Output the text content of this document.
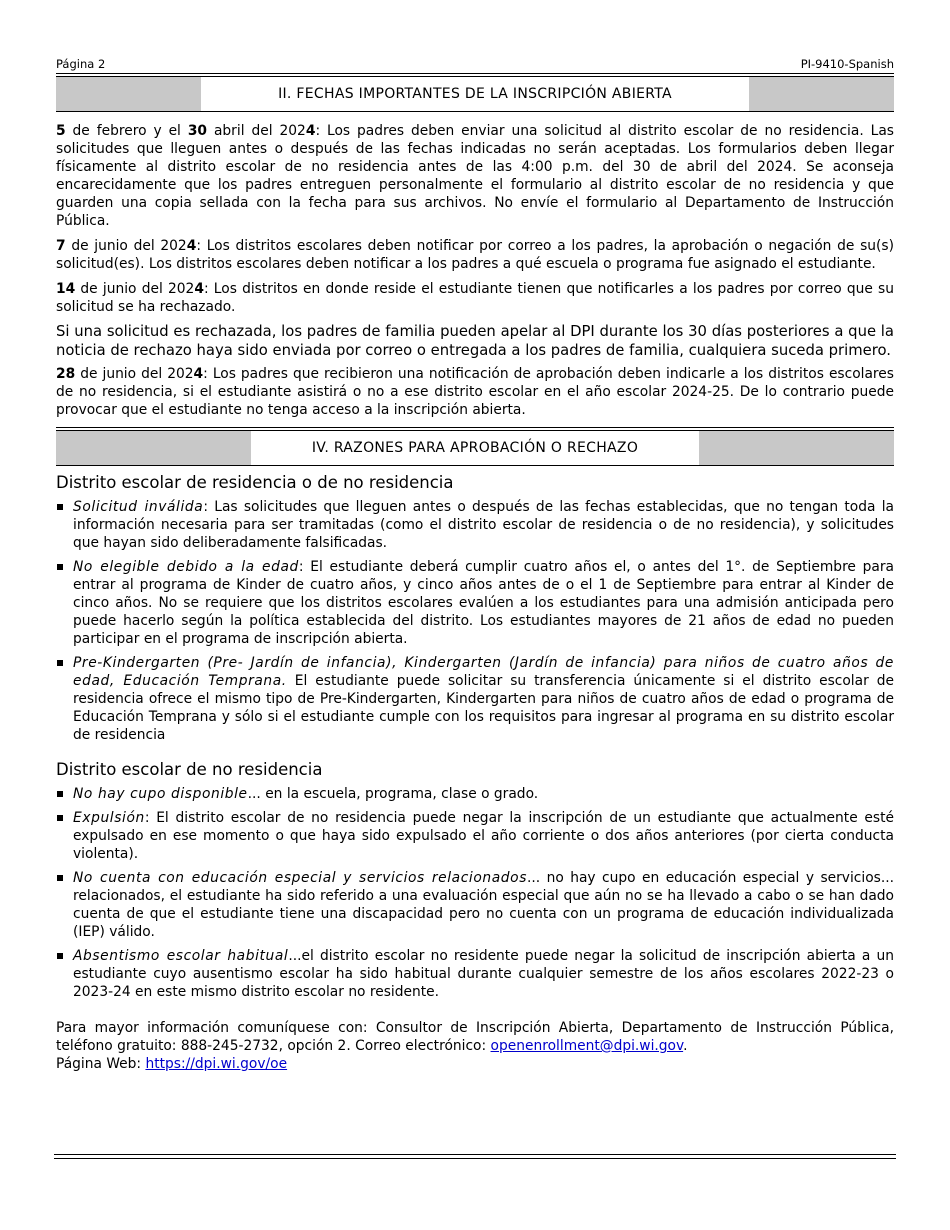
Página 2	PI-9410-Spanish
II. FECHAS IMPORTANTES DE LA INSCRIPCIÓN ABIERTA

5 de febrero y el 30 abril del 2024: Los padres deben enviar una solicitud al distrito escolar de no residencia. Las solicitudes que lleguen antes o después de las fechas indicadas no serán aceptadas. Los formularios deben llegar físicamente al distrito escolar de no residencia antes de las 4:00 p.m. del 30 de abril del 2024. Se aconseja encarecidamente que los padres entreguen personalmente el formulario al distrito escolar de no residencia y que guarden una copia sellada con la fecha para sus archivos. No envíe el formulario al Departamento de Instrucción Pública.

7 de junio del 2024: Los distritos escolares deben notificar por correo a los padres, la aprobación o negación de su(s) solicitud(es). Los distritos escolares deben notificar a los padres a qué escuela o programa fue asignado el estudiante.

14 de junio del 2024: Los distritos en donde reside el estudiante tienen que notificarles a los padres por correo que su solicitud se ha rechazado.

Si una solicitud es rechazada, los padres de familia pueden apelar al DPI durante los 30 días posteriores a que la noticia de rechazo haya sido enviada por correo o entregada a los padres de familia, cualquiera suceda primero.

28 de junio del 2024: Los padres que recibieron una notificación de aprobación deben indicarle a los distritos escolares de no residencia, si el estudiante asistirá o no a ese distrito escolar en el año escolar 2024-25. De lo contrario puede provocar que el estudiante no tenga acceso a la inscripción abierta.

IV. RAZONES PARA APROBACIÓN O RECHAZO
Distrito escolar de residencia o de no residencia
Solicitud inválida: Las solicitudes que lleguen antes o después de las fechas establecidas, que no tengan toda la información necesaria para ser tramitadas (como el distrito escolar de residencia o de no residencia), y solicitudes que hayan sido deliberadamente falsificadas.
No elegible debido a la edad: El estudiante deberá cumplir cuatro años el, o antes del 1°. de Septiembre para entrar al programa de Kinder de cuatro años, y cinco años antes de o el 1 de Septiembre para entrar al Kinder de cinco años. No se requiere que los distritos escolares evalúen a los estudiantes para una admisión anticipada pero puede hacerlo según la política establecida del distrito. Los estudiantes mayores de 21 años de edad no pueden participar en el programa de inscripción abierta.
Pre-Kindergarten (Pre- Jardín de infancia), Kindergarten (Jardín de infancia) para niños de cuatro años de edad, Educación Temprana. El estudiante puede solicitar su transferencia únicamente si el distrito escolar de residencia ofrece el mismo tipo de Pre-Kindergarten, Kindergarten para niños de cuatro años de edad o programa de Educación Temprana y sólo si el estudiante cumple con los requisitos para ingresar al programa en su distrito escolar de residencia
Distrito escolar de no residencia
No hay cupo disponible... en la escuela, programa, clase o grado.
Expulsión: El distrito escolar de no residencia puede negar la inscripción de un estudiante que actualmente esté expulsado en ese momento o que haya sido expulsado el año corriente o dos años anteriores (por cierta conducta violenta).
No cuenta con educación especial y servicios relacionados... no hay cupo en educación especial y servicios... relacionados, el estudiante ha sido referido a una evaluación especial que aún no se ha llevado a cabo o se han dado cuenta de que el estudiante tiene una discapacidad pero no cuenta con un programa de educación individualizada (IEP) válido.
Absentismo escolar habitual...el distrito escolar no residente puede negar la solicitud de inscripción abierta a un estudiante cuyo ausentismo escolar ha sido habitual durante cualquier semestre de los años escolares 2022-23 o 2023-24 en este mismo distrito escolar no residente.

Para mayor información comuníquese con: Consultor de Inscripción Abierta, Departamento de Instrucción Pública, teléfono gratuito: 888-245-2732, opción 2. Correo electrónico: openenrollment@dpi.wi.gov.
Página Web: https://dpi.wi.gov/oe
